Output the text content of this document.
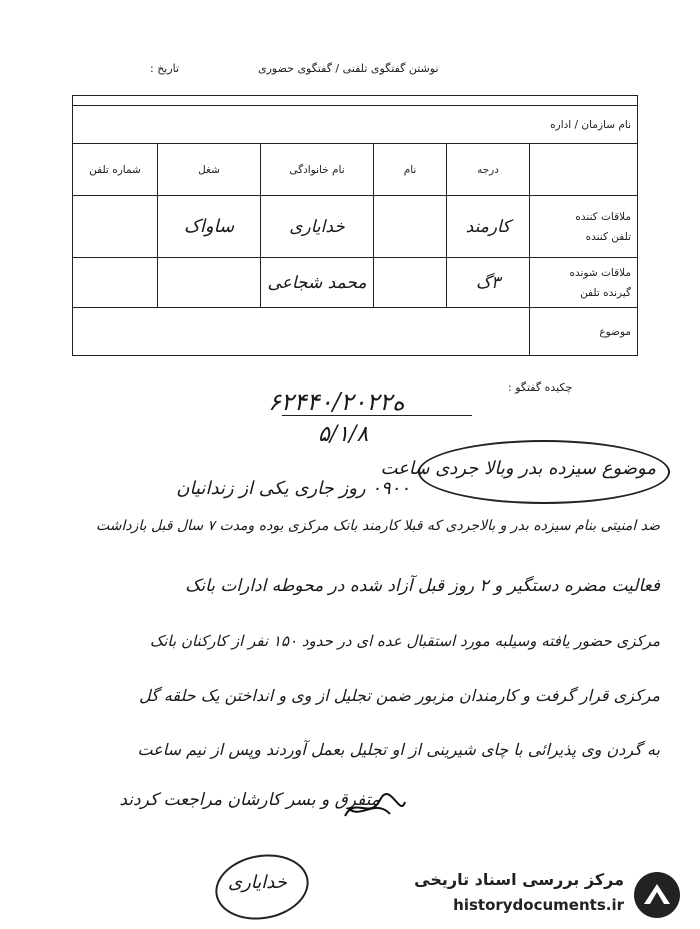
نوشتن گفتگوی تلفنی / گفتگوی حضوری
تاریخ :

نام سازمان / اداره					
	درجه	نام	نام خانوادگی	شغل	شماره تلفن

ملاقات کننده
تلفن کننده	کارمند		خدایاری	ساواک	

ملاقات شونده
گیرنده تلفن	۳گ		محمد شجاعی		
موضوع					
چکیده گفتگو :
۶۲۴۴۰/۲۰ه۲۲
۵/۱/۸
موضوع سیزده بدر وبالا جردی ساعت
۰۹۰۰ روز جاری یکی از زندانیان
ضد امنیتی بنام سیزده بدر و بالاجردی که قبلا کارمند بانک مرکزی بوده ومدت ۷ سال قبل بازداشت
فعالیت مضره دستگیر و ۲ روز قبل آزاد شده در محوطه ادارات بانک
مرکزی حضور یافته وسیلبه مورد استقبال عده ای در حدود ۱۵۰ نفر از کارکنان بانک
مرکزی قرار گرفت و کارمندان مزبور ضمن تجلیل از وی و انداختن یک حلقه گل
به گردن وی پذیرائی با چای شیرینی از او تجلیل بعمل آوردند وپس از نیم ساعت
متفرق و بسر کارشان مراجعت کردند
خدایاری	مرکز بررسی اسناد تاریخی
historydocuments.ir
